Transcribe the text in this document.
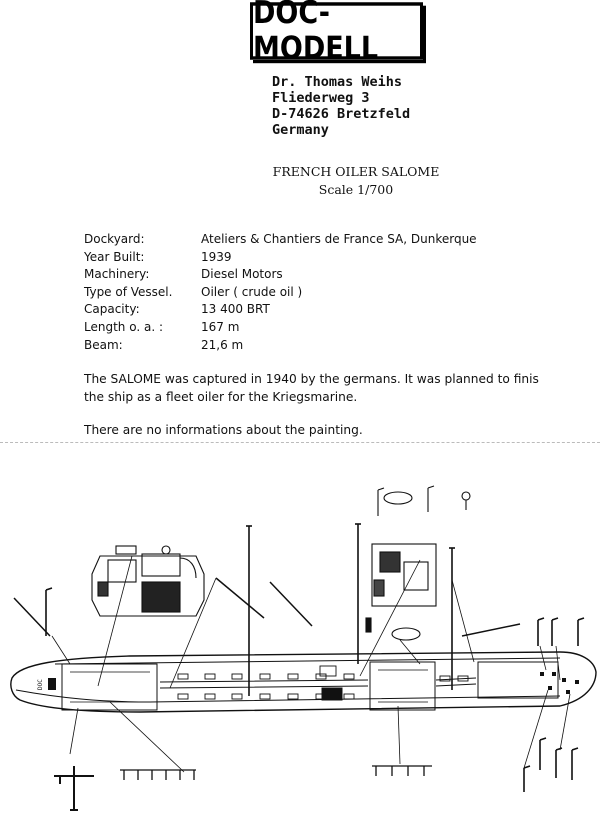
DOC-MODELL
Dr. Thomas Weihs
Fliederweg 3
D-74626 Bretzfeld
Germany
FRENCH OILER SALOME
Scale 1/700
Dockyard:	Ateliers & Chantiers de France SA, Dunkerque
Year Built:	1939
Machinery:	Diesel Motors
Type of Vessel.	Oiler ( crude oil )
Capacity:	13 400 BRT
Length o. a. :	167 m
Beam:	21,6 m
The SALOME was captured in 1940 by the germans. It was planned to finis
the ship as a fleet oiler for the Kriegsmarine.
There are no informations about the painting.
DOC
